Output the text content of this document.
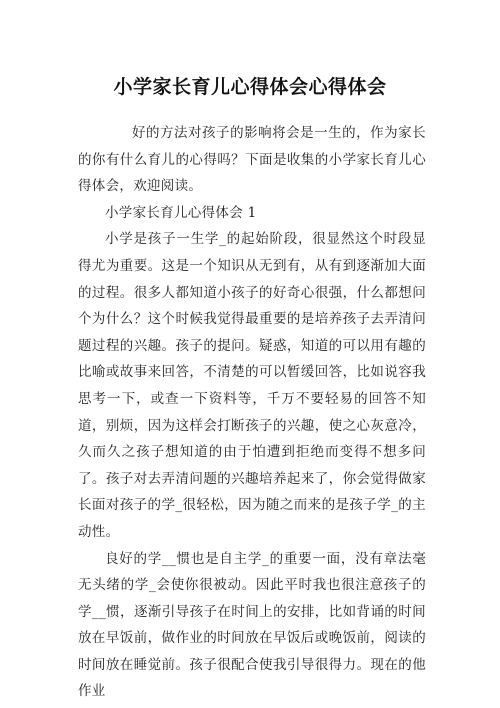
小学家长育儿心得体会心得体会

好的方法对孩子的影响将会是一生的，作为家长的你有什么育儿的心得吗？下面是收集的小学家长育儿心得体会，欢迎阅读。

小学家长育儿心得体会 1

小学是孩子一生学_的起始阶段，很显然这个时段显得尤为重要。这是一个知识从无到有，从有到逐渐加大面的过程。很多人都知道小孩子的好奇心很强，什么都想问个为什么？这个时候我觉得最重要的是培养孩子去弄清问题过程的兴趣。孩子的提问。疑惑，知道的可以用有趣的比喻或故事来回答，不清楚的可以暂缓回答，比如说容我思考一下，或查一下资料等，千万不要轻易的回答不知道，别烦，因为这样会打断孩子的兴趣，使之心灰意冷，久而久之孩子想知道的由于怕遭到拒绝而变得不想多问了。孩子对去弄清问题的兴趣培养起来了，你会觉得做家长面对孩子的学_很轻松，因为随之而来的是孩子学_的主动性。

良好的学__惯也是自主学_的重要一面，没有章法毫无头绪的学_会使你很被动。因此平时我也很注意孩子的学__惯，逐渐引导孩子在时间上的安排，比如背诵的时间放在早饭前，做作业的时间放在早饭后或晚饭前，阅读的时间放在睡觉前。孩子很配合使我引导很得力。现在的他作业
